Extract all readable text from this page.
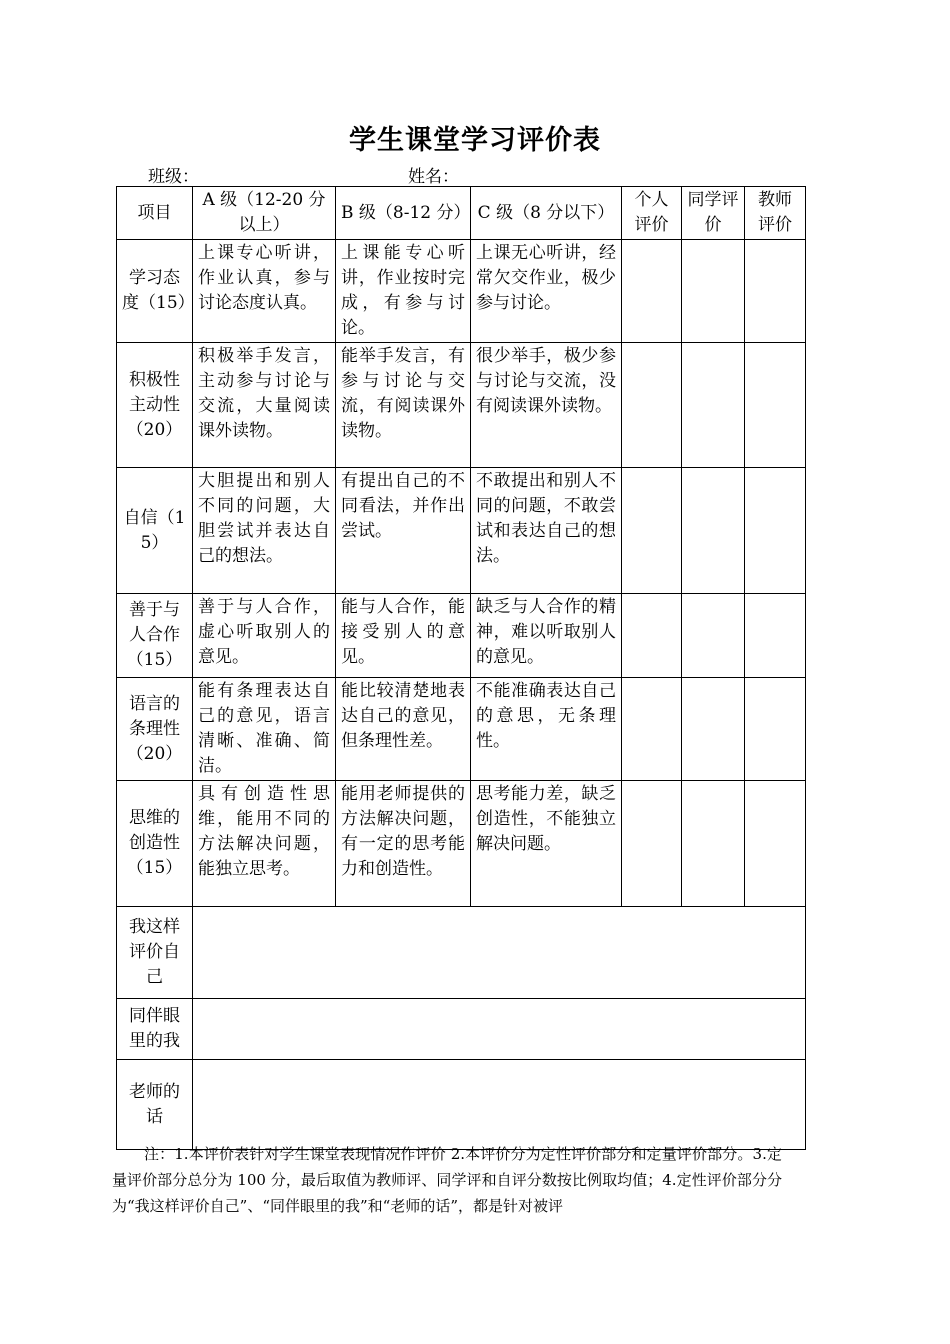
学生课堂学习评价表
班级：	姓名：
项目	A 级（12-20 分以上）	B 级（8-12 分）	C 级（8 分以下）	个人评价	同学评价	教师评价
学习态度（15）	上课专心听讲，作业认真，参与讨论态度认真。	上课能专心听讲，作业按时完成，有参与讨论。	上课无心听讲，经常欠交作业，极少参与讨论。			
积极性主动性（20）	积极举手发言，主动参与讨论与交流，大量阅读课外读物。	能举手发言，有参与讨论与交流，有阅读课外读物。	很少举手，极少参与讨论与交流，没有阅读课外读物。			
自信（15）	大胆提出和别人不同的问题，大胆尝试并表达自己的想法。	有提出自己的不同看法，并作出尝试。	不敢提出和别人不同的问题，不敢尝试和表达自己的想法。			
善于与人合作（15）	善于与人合作，虚心听取别人的意见。	能与人合作，能接受别人的意见。	缺乏与人合作的精神，难以听取别人的意见。			
语言的条理性（20）	能有条理表达自己的意见，语言清晰、准确、简洁。	能比较清楚地表达自己的意见，但条理性差。	不能准确表达自己的意思，无条理性。			
思维的创造性（15）	具有创造性思维，能用不同的方法解决问题，能独立思考。	能用老师提供的方法解决问题，有一定的思考能力和创造性。	思考能力差，缺乏创造性，不能独立解决问题。			
我这样评价自己						
同伴眼里的我						
老师的话						
注：1.本评价表针对学生课堂表现情况作评价 2.本评价分为定性评价部分和定量评价部分。3.定量评价部分总分为 100 分，最后取值为教师评、同学评和自评分数按比例取均值；4.定性评价部分分为“我这样评价自己”、“同伴眼里的我”和“老师的话”，都是针对被评
